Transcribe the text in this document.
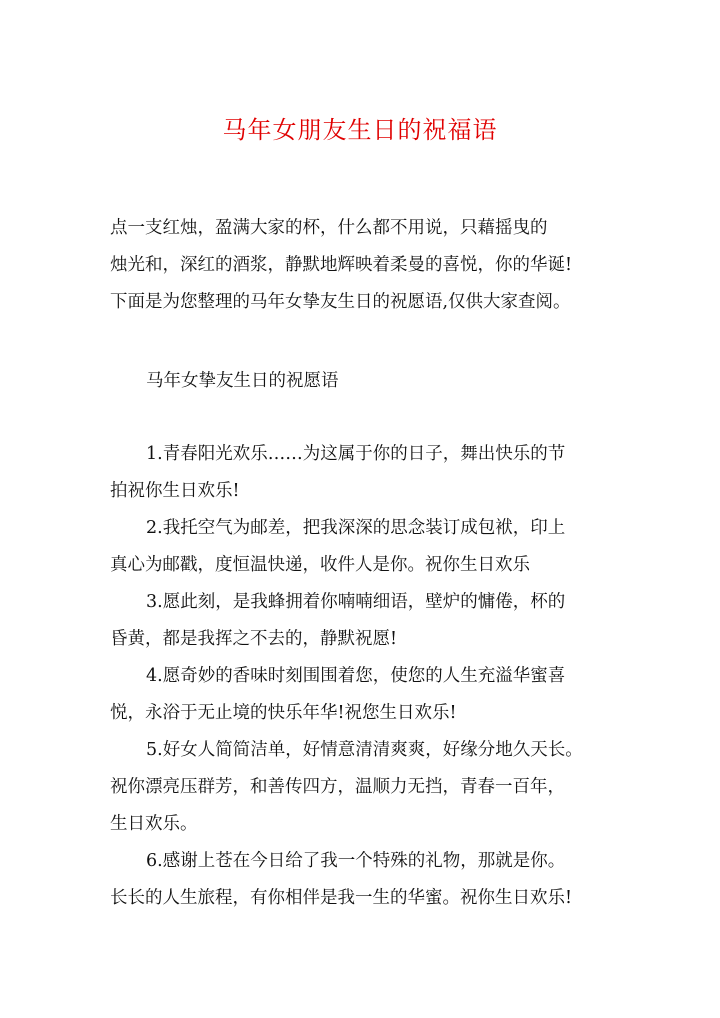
马年女朋友生日的祝福语
点一支红烛，盈满大家的杯，什么都不用说，只藉摇曳的
烛光和，深红的酒浆，静默地辉映着柔曼的喜悦，你的华诞!
下面是为您整理的马年女挚友生日的祝愿语,仅供大家查阅。
马年女挚友生日的祝愿语
1.青春阳光欢乐……为这属于你的日子，舞出快乐的节
拍祝你生日欢乐!
2.我托空气为邮差，把我深深的思念装订成包袱，印上
真心为邮戳，度恒温快递，收件人是你。祝你生日欢乐
3.愿此刻，是我蜂拥着你喃喃细语，壁炉的慵倦，杯的
昏黄，都是我挥之不去的，静默祝愿!
4.愿奇妙的香味时刻围围着您，使您的人生充溢华蜜喜
悦，永浴于无止境的快乐年华!祝您生日欢乐!
5.好女人简简洁单，好情意清清爽爽，好缘分地久天长。
祝你漂亮压群芳，和善传四方，温顺力无挡，青春一百年，
生日欢乐。
6.感谢上苍在今日给了我一个特殊的礼物，那就是你。
长长的人生旅程，有你相伴是我一生的华蜜。祝你生日欢乐!
